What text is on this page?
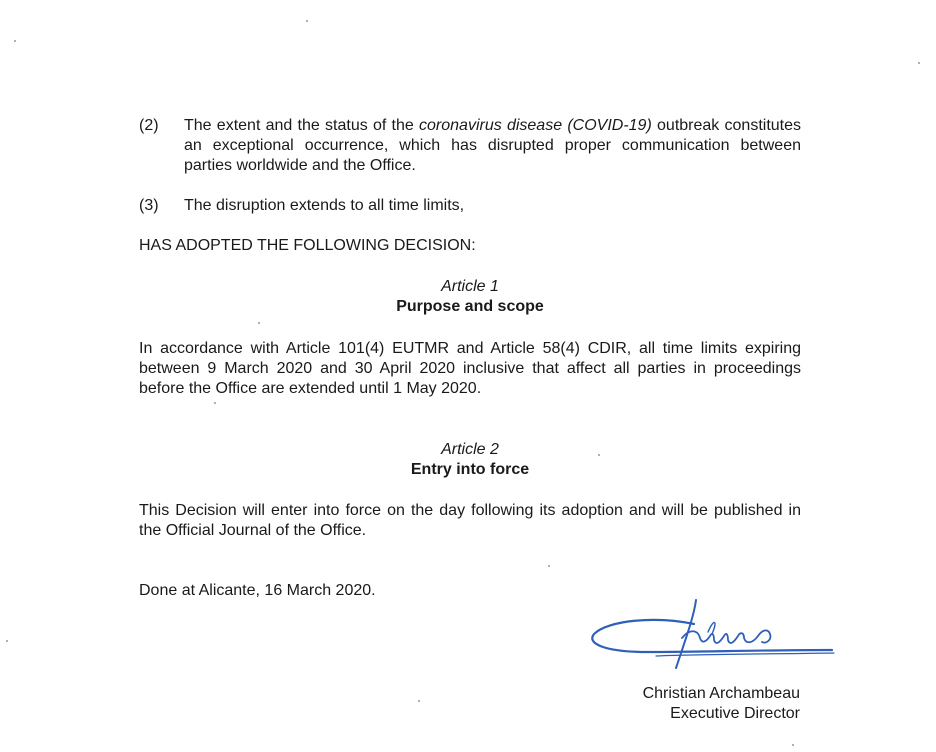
(2) The extent and the status of the coronavirus disease (COVID-19) outbreak constitutes an exceptional occurrence, which has disrupted proper communication between parties worldwide and the Office.
(3) The disruption extends to all time limits,
HAS ADOPTED THE FOLLOWING DECISION:
Article 1
Purpose and scope
In accordance with Article 101(4) EUTMR and Article 58(4) CDIR, all time limits expiring between 9 March 2020 and 30 April 2020 inclusive that affect all parties in proceedings before the Office are extended until 1 May 2020.
Article 2
Entry into force
This Decision will enter into force on the day following its adoption and will be published in the Official Journal of the Office.
Done at Alicante, 16 March 2020.
Christian Archambeau
Executive Director
